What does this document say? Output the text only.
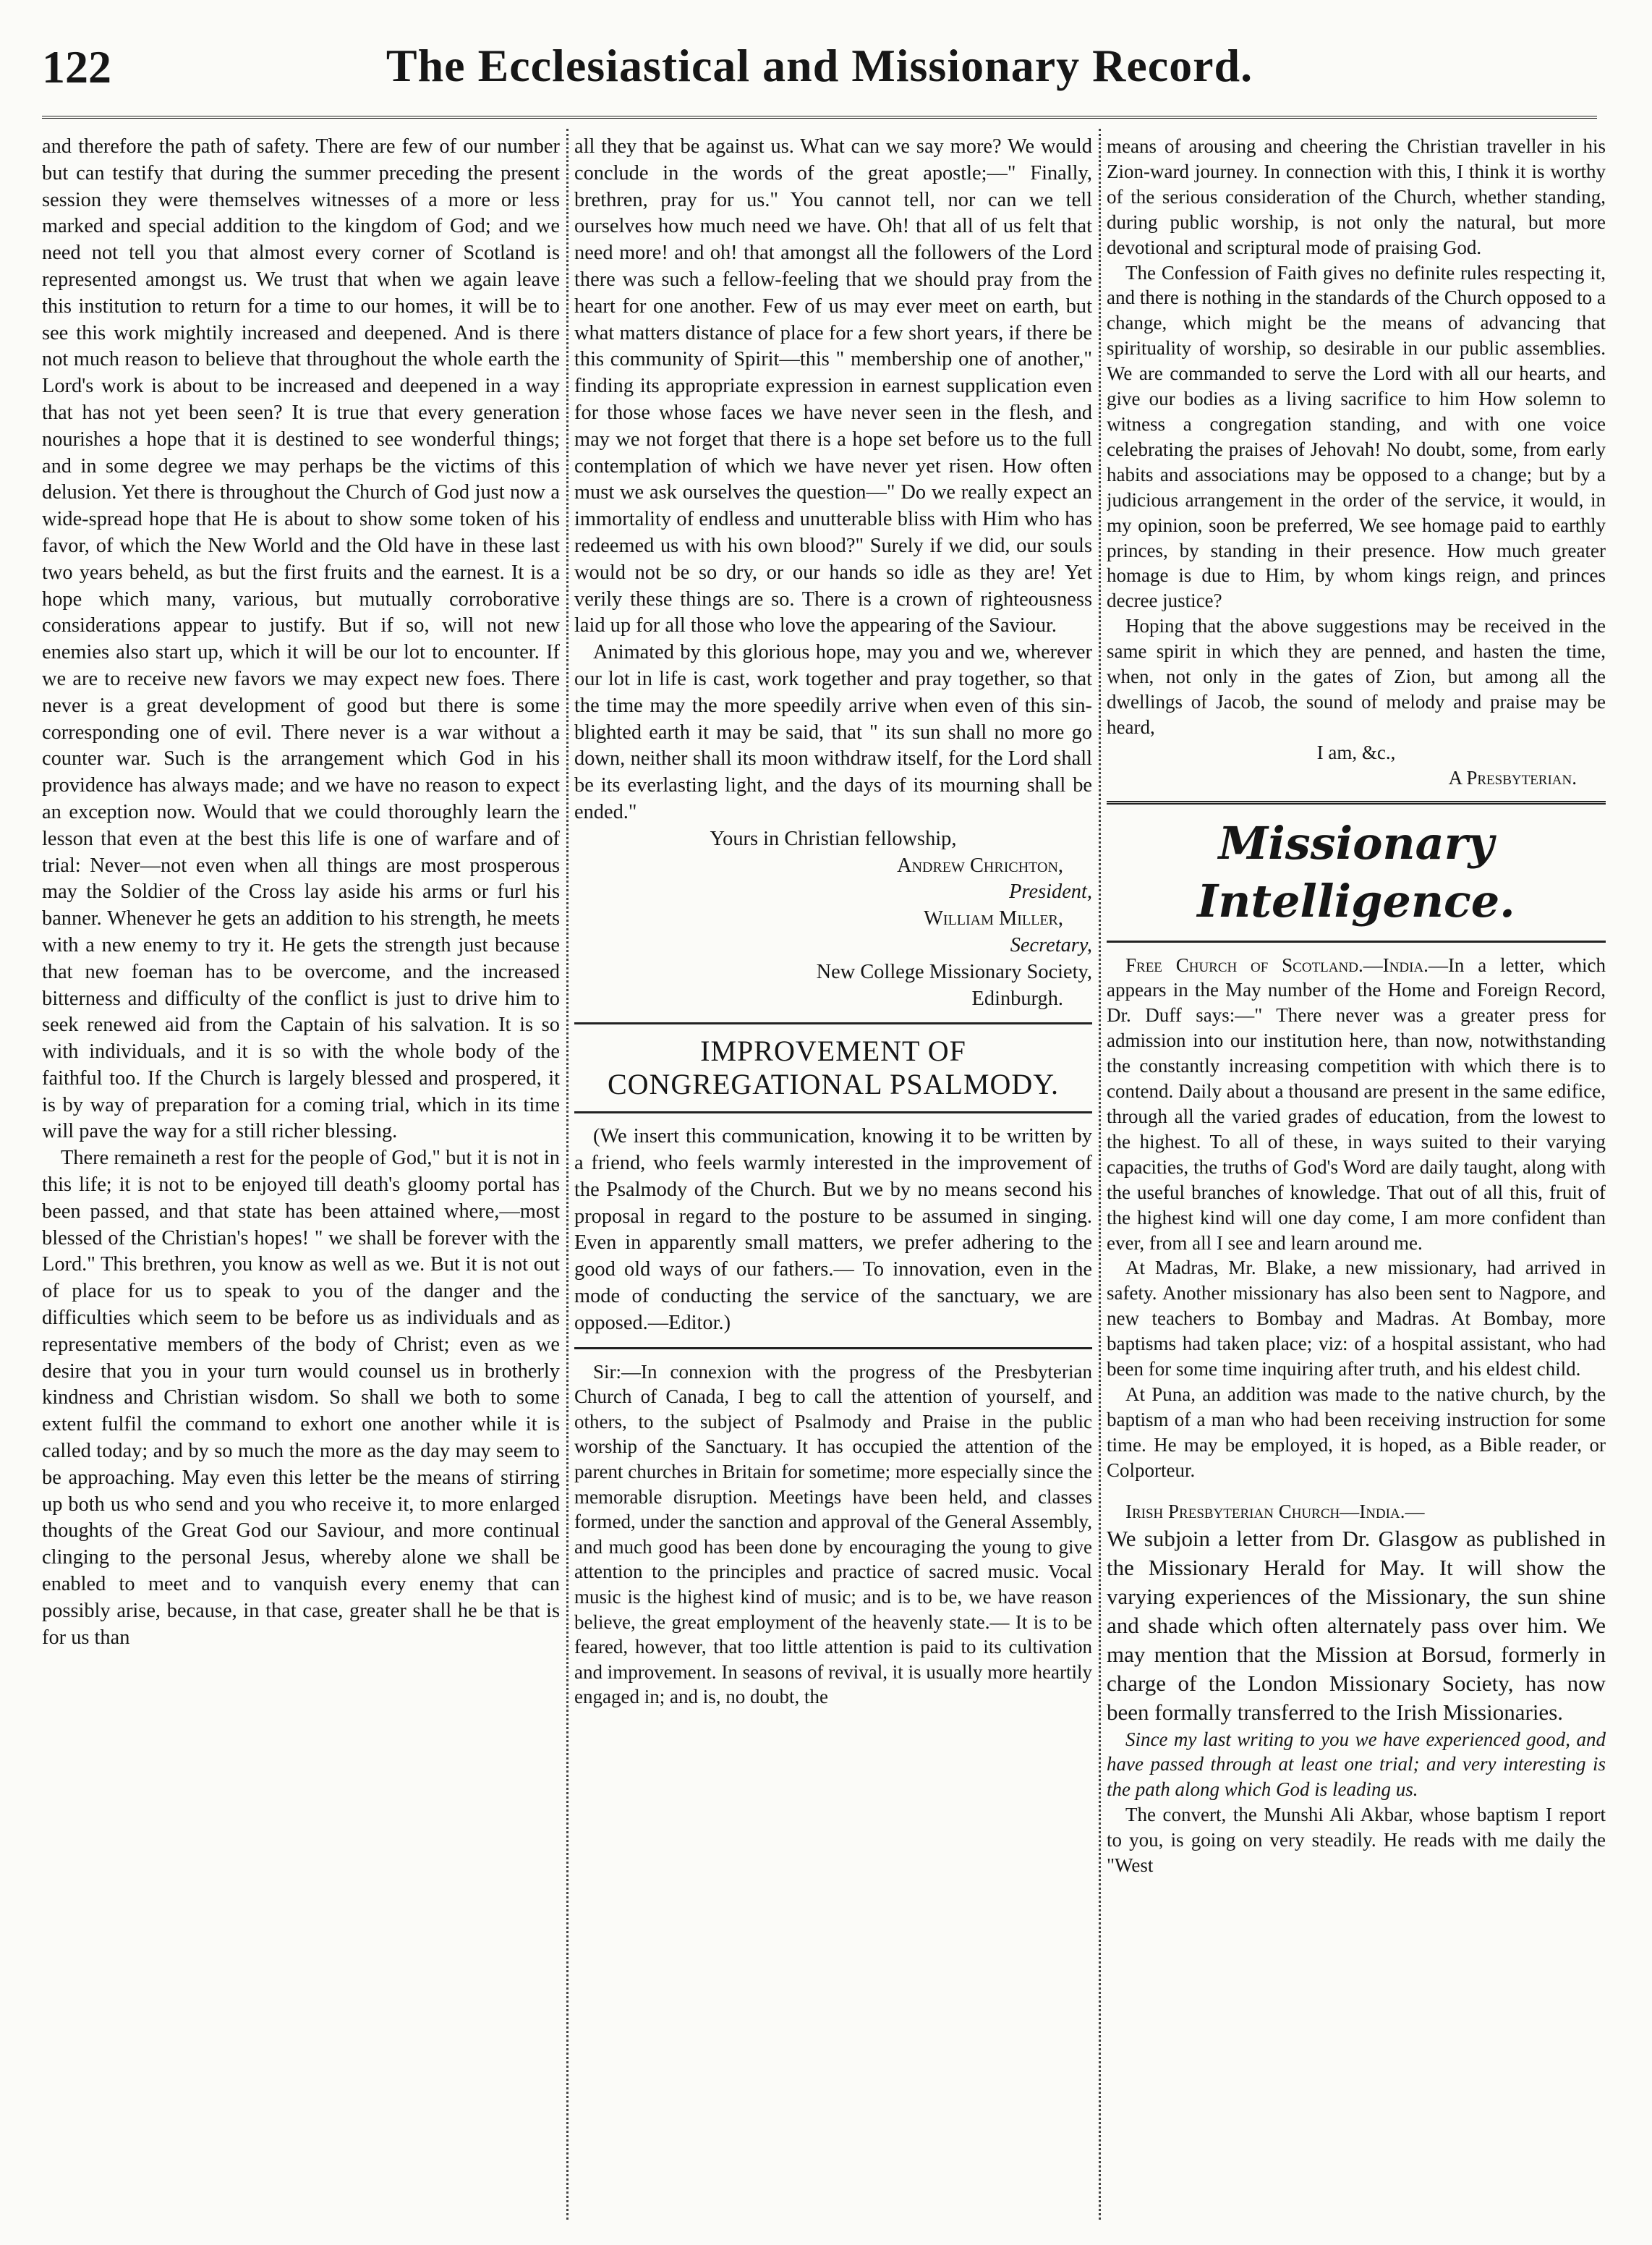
122	The Ecclesiastical and Missionary Record.

and therefore the path of safety. There are few of our number but can testify that during the summer preceding the present session they were themselves witnesses of a more or less marked and special addition to the kingdom of God; and we need not tell you that almost every corner of Scotland is represented amongst us. We trust that when we again leave this institution to return for a time to our homes, it will be to see this work mightily increased and deepened. And is there not much reason to believe that throughout the whole earth the Lord's work is about to be increased and deepened in a way that has not yet been seen? It is true that every generation nourishes a hope that it is destined to see wonderful things; and in some degree we may perhaps be the victims of this delusion. Yet there is throughout the Church of God just now a wide-spread hope that He is about to show some token of his favor, of which the New World and the Old have in these last two years beheld, as but the first fruits and the earnest. It is a hope which many, various, but mutually corroborative considerations appear to justify. But if so, will not new enemies also start up, which it will be our lot to encounter. If we are to receive new favors we may expect new foes. There never is a great development of good but there is some corresponding one of evil. There never is a war without a counter war. Such is the arrangement which God in his providence has always made; and we have no reason to expect an exception now. Would that we could thoroughly learn the lesson that even at the best this life is one of warfare and of trial: Never—not even when all things are most prosperous may the Soldier of the Cross lay aside his arms or furl his banner. Whenever he gets an addition to his strength, he meets with a new enemy to try it. He gets the strength just because that new foeman has to be overcome, and the increased bitterness and difficulty of the conflict is just to drive him to seek renewed aid from the Captain of his salvation. It is so with individuals, and it is so with the whole body of the faithful too. If the Church is largely blessed and prospered, it is by way of preparation for a coming trial, which in its time will pave the way for a still richer blessing.

There remaineth a rest for the people of God," but it is not in this life; it is not to be enjoyed till death's gloomy portal has been passed, and that state has been attained where,—most blessed of the Christian's hopes! " we shall be forever with the Lord." This brethren, you know as well as we. But it is not out of place for us to speak to you of the danger and the difficulties which seem to be before us as individuals and as representative members of the body of Christ; even as we desire that you in your turn would counsel us in brotherly kindness and Christian wisdom. So shall we both to some extent fulfil the command to exhort one another while it is called today; and by so much the more as the day may seem to be approaching. May even this letter be the means of stirring up both us who send and you who receive it, to more enlarged thoughts of the Great God our Saviour, and more continual clinging to the personal Jesus, whereby alone we shall be enabled to meet and to vanquish every enemy that can possibly arise, because, in that case, greater shall he be that is for us than

all they that be against us. What can we say more? We would conclude in the words of the great apostle;—" Finally, brethren, pray for us." You cannot tell, nor can we tell ourselves how much need we have. Oh! that all of us felt that need more! and oh! that amongst all the followers of the Lord there was such a fellow-feeling that we should pray from the heart for one another. Few of us may ever meet on earth, but what matters distance of place for a few short years, if there be this community of Spirit—this " membership one of another," finding its appropriate expression in earnest supplication even for those whose faces we have never seen in the flesh, and may we not forget that there is a hope set before us to the full contemplation of which we have never yet risen. How often must we ask ourselves the question—" Do we really expect an immortality of endless and unutterable bliss with Him who has redeemed us with his own blood?" Surely if we did, our souls would not be so dry, or our hands so idle as they are! Yet verily these things are so. There is a crown of righteousness laid up for all those who love the appearing of the Saviour.

Animated by this glorious hope, may you and we, wherever our lot in life is cast, work together and pray together, so that the time may the more speedily arrive when even of this sin-blighted earth it may be said, that " its sun shall no more go down, neither shall its moon withdraw itself, for the Lord shall be its everlasting light, and the days of its mourning shall be ended."

Yours in Christian fellowship,

Andrew Chrichton,

President,

William Miller,

Secretary,

New College Missionary Society,

Edinburgh.

IMPROVEMENT OF CONGREGATIONAL PSALMODY.

(We insert this communication, knowing it to be written by a friend, who feels warmly interested in the improvement of the Psalmody of the Church. But we by no means second his proposal in regard to the posture to be assumed in singing. Even in apparently small matters, we prefer adhering to the good old ways of our fathers.— To innovation, even in the mode of conducting the service of the sanctuary, we are opposed.—Editor.)

Sir:—In connexion with the progress of the Presbyterian Church of Canada, I beg to call the attention of yourself, and others, to the subject of Psalmody and Praise in the public worship of the Sanctuary. It has occupied the attention of the parent churches in Britain for sometime; more especially since the memorable disruption. Meetings have been held, and classes formed, under the sanction and approval of the General Assembly, and much good has been done by encouraging the young to give attention to the principles and practice of sacred music. Vocal music is the highest kind of music; and is to be, we have reason believe, the great employment of the heavenly state.— It is to be feared, however, that too little attention is paid to its cultivation and improvement. In seasons of revival, it is usually more heartily engaged in; and is, no doubt, the

means of arousing and cheering the Christian traveller in his Zion-ward journey. In connection with this, I think it is worthy of the serious consideration of the Church, whether standing, during public worship, is not only the natural, but more devotional and scriptural mode of praising God.

The Confession of Faith gives no definite rules respecting it, and there is nothing in the standards of the Church opposed to a change, which might be the means of advancing that spirituality of worship, so desirable in our public assemblies. We are commanded to serve the Lord with all our hearts, and give our bodies as a living sacrifice to him How solemn to witness a congregation standing, and with one voice celebrating the praises of Jehovah! No doubt, some, from early habits and associations may be opposed to a change; but by a judicious arrangement in the order of the service, it would, in my opinion, soon be preferred, We see homage paid to earthly princes, by standing in their presence. How much greater homage is due to Him, by whom kings reign, and princes decree justice?

Hoping that the above suggestions may be received in the same spirit in which they are penned, and hasten the time, when, not only in the gates of Zion, but among all the dwellings of Jacob, the sound of melody and praise may be heard,

I am, &c.,

A Presbyterian.

Missionary Intelligence.

Free Church of Scotland.—India.—In a letter, which appears in the May number of the Home and Foreign Record, Dr. Duff says:—" There never was a greater press for admission into our institution here, than now, notwithstanding the constantly increasing competition with which there is to contend. Daily about a thousand are present in the same edifice, through all the varied grades of education, from the lowest to the highest. To all of these, in ways suited to their varying capacities, the truths of God's Word are daily taught, along with the useful branches of knowledge. That out of all this, fruit of the highest kind will one day come, I am more confident than ever, from all I see and learn around me.

At Madras, Mr. Blake, a new missionary, had arrived in safety. Another missionary has also been sent to Nagpore, and new teachers to Bombay and Madras. At Bombay, more baptisms had taken place; viz: of a hospital assistant, who had been for some time inquiring after truth, and his eldest child.

At Puna, an addition was made to the native church, by the baptism of a man who had been receiving instruction for some time. He may be employed, it is hoped, as a Bible reader, or Colporteur.

Irish Presbyterian Church—India.—

We subjoin a letter from Dr. Glasgow as published in the Missionary Herald for May. It will show the varying experiences of the Missionary, the sun shine and shade which often alternately pass over him. We may mention that the Mission at Borsud, formerly in charge of the London Missionary Society, has now been formally transferred to the Irish Missionaries.

Since my last writing to you we have experienced good, and have passed through at least one trial; and very interesting is the path along which God is leading us.

The convert, the Munshi Ali Akbar, whose baptism I report to you, is going on very steadily. He reads with me daily the "West
